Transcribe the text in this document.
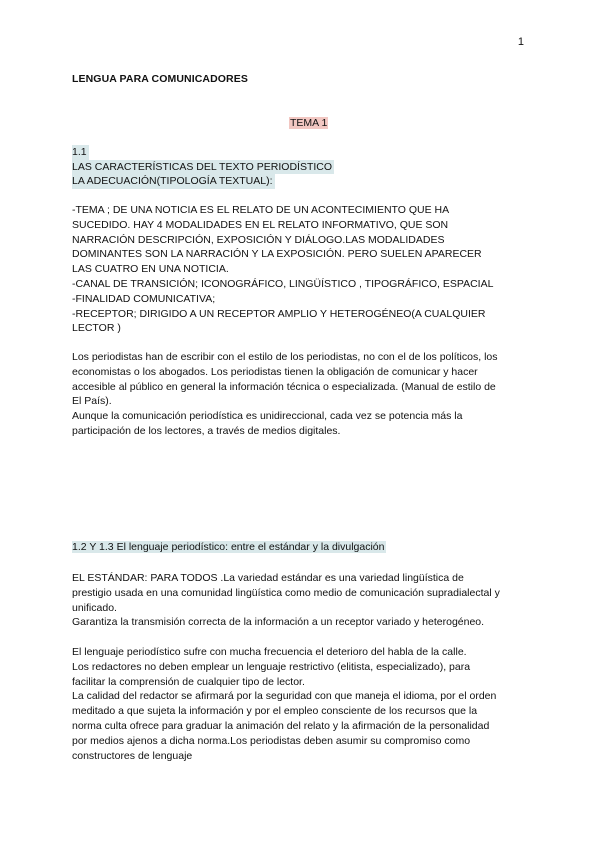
1
LENGUA PARA COMUNICADORES
TEMA 1
1.1
LAS CARACTERÍSTICAS DEL TEXTO PERIODÍSTICO
LA ADECUACIÓN(TIPOLOGÍA TEXTUAL):
-TEMA ; DE UNA NOTICIA ES EL RELATO DE UN ACONTECIMIENTO QUE HA
SUCEDIDO. HAY 4 MODALIDADES EN EL RELATO INFORMATIVO, QUE SON
NARRACIÓN DESCRIPCIÓN, EXPOSICIÓN Y DIÁLOGO.LAS MODALIDADES
DOMINANTES SON LA NARRACIÓN Y LA EXPOSICIÓN. PERO SUELEN APARECER
LAS CUATRO EN UNA NOTICIA.
-CANAL DE TRANSICIÓN; ICONOGRÁFICO, LINGÜÍSTICO , TIPOGRÁFICO, ESPACIAL
-FINALIDAD COMUNICATIVA;
-RECEPTOR; DIRIGIDO A UN RECEPTOR AMPLIO Y HETEROGÉNEO(A CUALQUIER
LECTOR )
Los periodistas han de escribir con el estilo de los periodistas, no con el de los políticos, los
economistas o los abogados. Los periodistas tienen la obligación de comunicar y hacer
accesible al público en general la información técnica o especializada. (Manual de estilo de
El País).
Aunque la comunicación periodística es unidireccional, cada vez se potencia más la
participación de los lectores, a través de medios digitales.
1.2 Y 1.3 El lenguaje periodístico: entre el estándar y la divulgación
EL ESTÁNDAR: PARA TODOS .La variedad estándar es una variedad lingüística de
prestigio usada en una comunidad lingüística como medio de comunicación supradialectal y
unificado.
Garantiza la transmisión correcta de la información a un receptor variado y heterogéneo.
El lenguaje periodístico sufre con mucha frecuencia el deterioro del habla de la calle.
Los redactores no deben emplear un lenguaje restrictivo (elitista, especializado), para
facilitar la comprensión de cualquier tipo de lector.
La calidad del redactor se afirmará por la seguridad con que maneja el idioma, por el orden
meditado a que sujeta la información y por el empleo consciente de los recursos que la
norma culta ofrece para graduar la animación del relato y la afirmación de la personalidad
por medios ajenos a dicha norma.Los periodistas deben asumir su compromiso como
constructores de lenguaje
